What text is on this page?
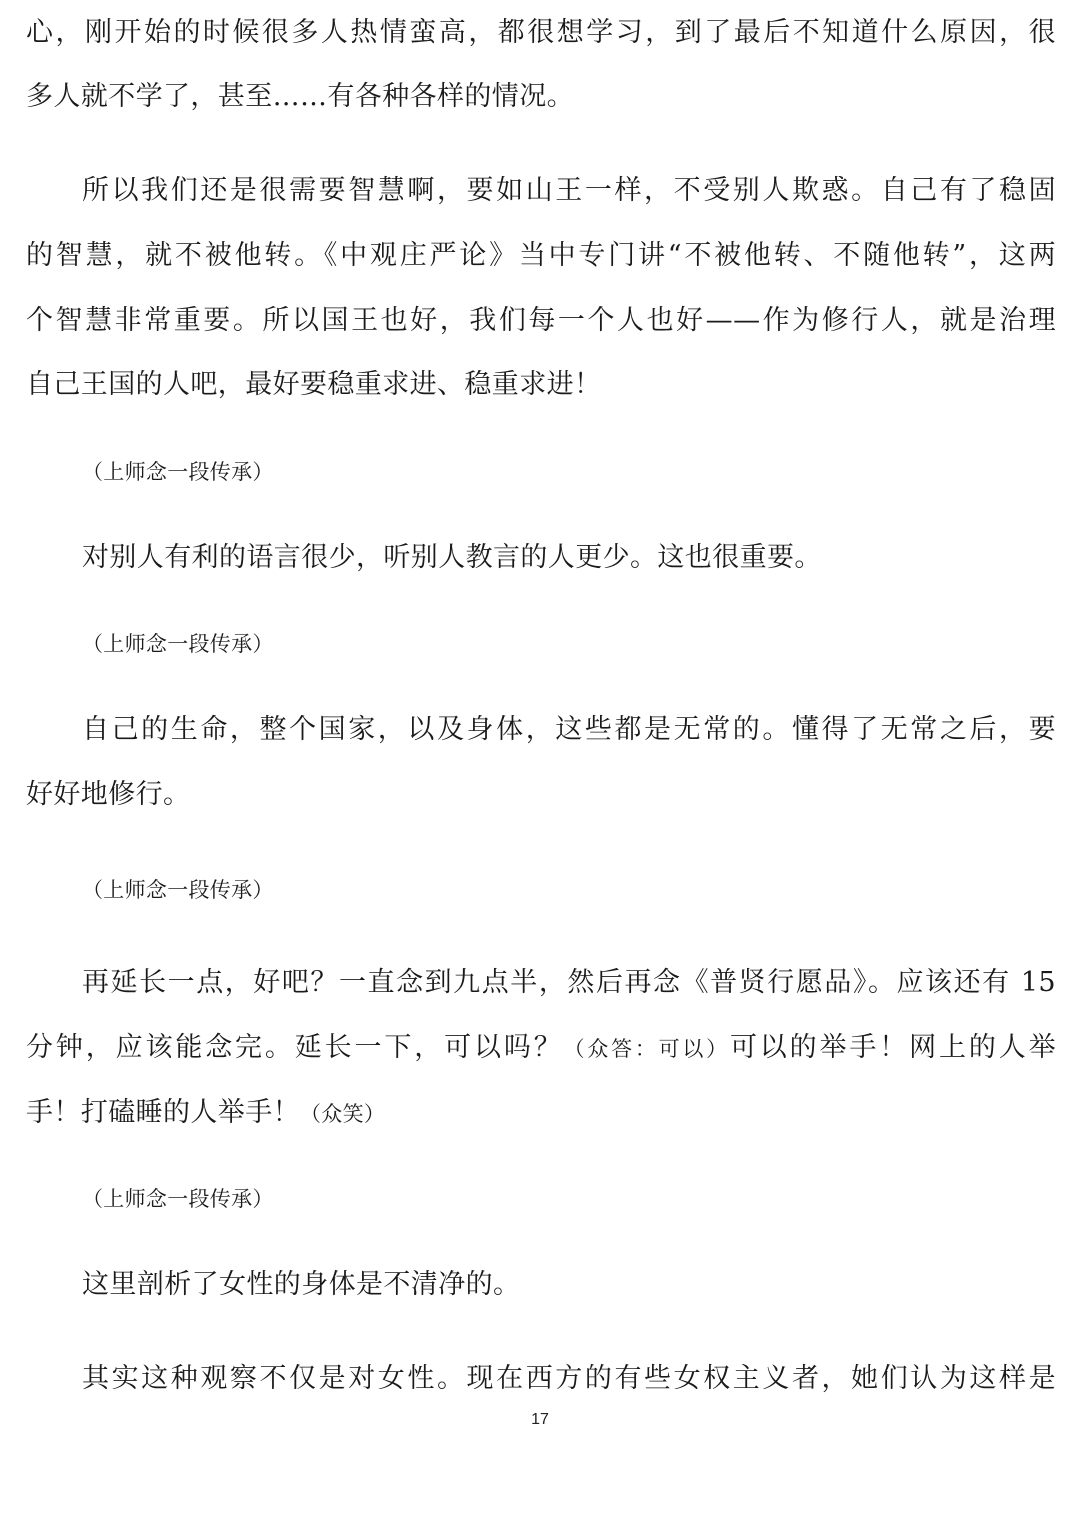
心，刚开始的时候很多人热情蛮高，都很想学习，到了最后不知道什么原因，很
多人就不学了，甚至……有各种各样的情况。
所以我们还是很需要智慧啊，要如山王一样，不受别人欺惑。自己有了稳固
的智慧，就不被他转。《中观庄严论》当中专门讲“不被他转、不随他转”，这两
个智慧非常重要。所以国王也好，我们每一个人也好——作为修行人，就是治理
自己王国的人吧，最好要稳重求进、稳重求进！
（上师念一段传承）
对别人有利的语言很少，听别人教言的人更少。这也很重要。
（上师念一段传承）
自己的生命，整个国家，以及身体，这些都是无常的。懂得了无常之后，要
好好地修行。
（上师念一段传承）
再延长一点，好吧？一直念到九点半，然后再念《普贤行愿品》。应该还有 15
分钟，应该能念完。延长一下，可以吗？（众答：可以）可以的举手！网上的人举
手！打磕睡的人举手！（众笑）
（上师念一段传承）
这里剖析了女性的身体是不清净的。
其实这种观察不仅是对女性。现在西方的有些女权主义者，她们认为这样是
17
